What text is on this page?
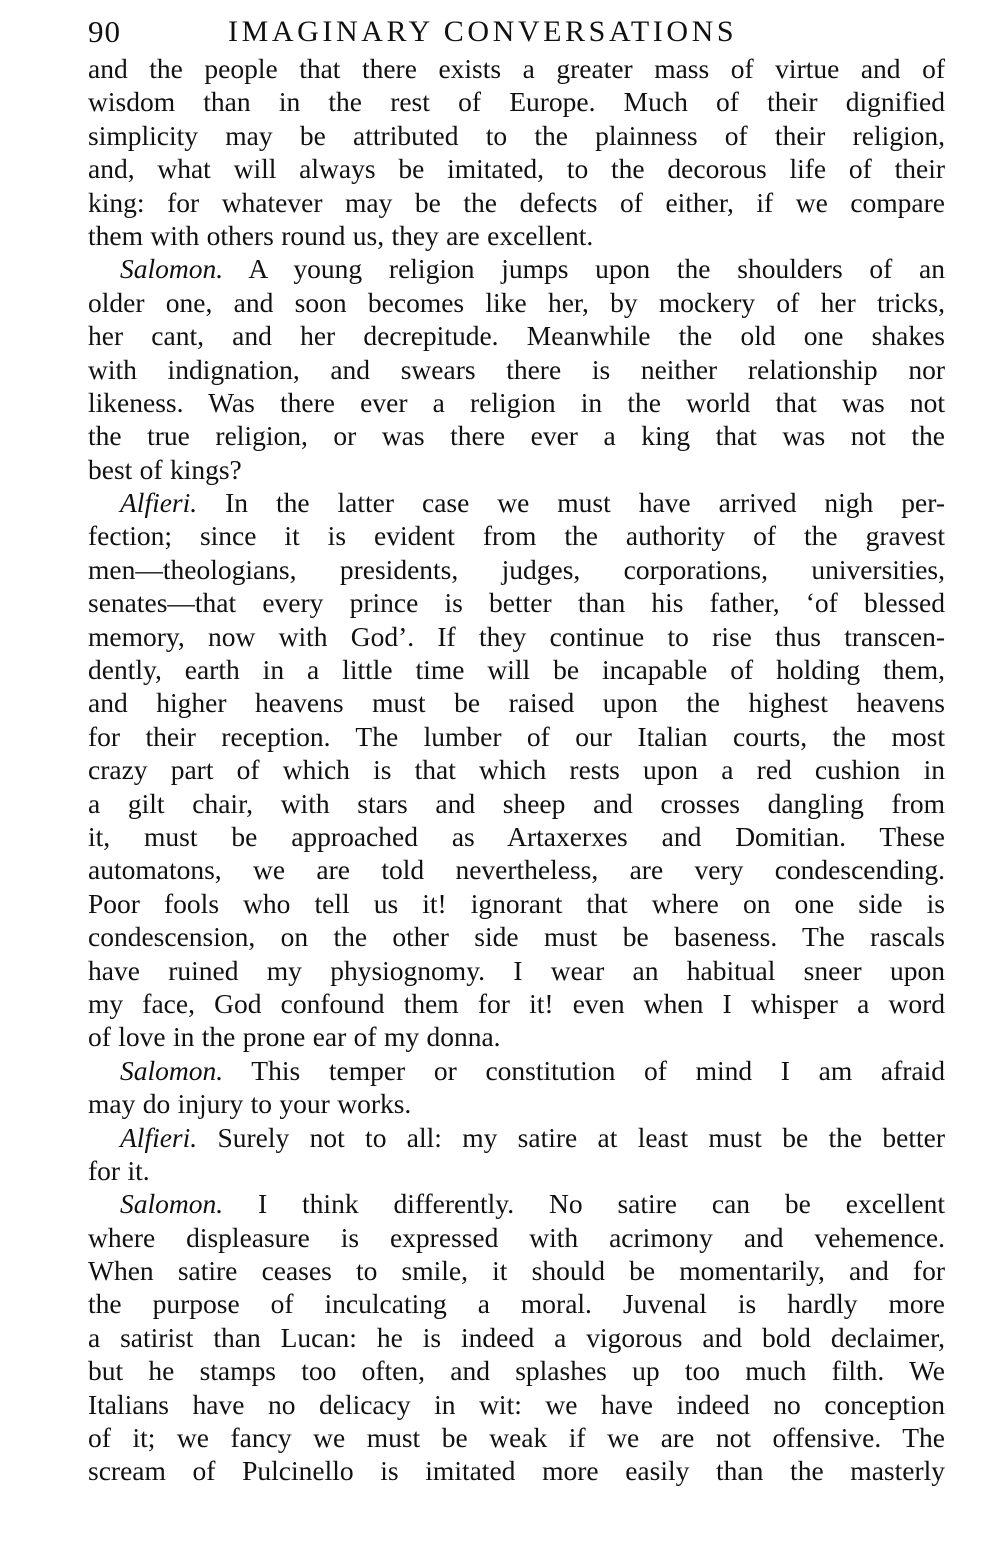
90	IMAGINARY CONVERSATIONS
and the people that there exists a greater mass of virtue and of
wisdom than in the rest of Europe. Much of their dignified
simplicity may be attributed to the plainness of their religion,
and, what will always be imitated, to the decorous life of their
king: for whatever may be the defects of either, if we compare
them with others round us, they are excellent.
Salomon. A young religion jumps upon the shoulders of an
older one, and soon becomes like her, by mockery of her tricks,
her cant, and her decrepitude. Meanwhile the old one shakes
with indignation, and swears there is neither relationship nor
likeness. Was there ever a religion in the world that was not
the true religion, or was there ever a king that was not the
best of kings?
Alfieri. In the latter case we must have arrived nigh per-
fection; since it is evident from the authority of the gravest
men—theologians, presidents, judges, corporations, universities,
senates—that every prince is better than his father, ‘of blessed
memory, now with God’. If they continue to rise thus transcen-
dently, earth in a little time will be incapable of holding them,
and higher heavens must be raised upon the highest heavens
for their reception. The lumber of our Italian courts, the most
crazy part of which is that which rests upon a red cushion in
a gilt chair, with stars and sheep and crosses dangling from
it, must be approached as Artaxerxes and Domitian. These
automatons, we are told nevertheless, are very condescending.
Poor fools who tell us it! ignorant that where on one side is
condescension, on the other side must be baseness. The rascals
have ruined my physiognomy. I wear an habitual sneer upon
my face, God confound them for it! even when I whisper a word
of love in the prone ear of my donna.
Salomon. This temper or constitution of mind I am afraid
may do injury to your works.
Alfieri. Surely not to all: my satire at least must be the better
for it.
Salomon. I think differently. No satire can be excellent
where displeasure is expressed with acrimony and vehemence.
When satire ceases to smile, it should be momentarily, and for
the purpose of inculcating a moral. Juvenal is hardly more
a satirist than Lucan: he is indeed a vigorous and bold declaimer,
but he stamps too often, and splashes up too much filth. We
Italians have no delicacy in wit: we have indeed no conception
of it; we fancy we must be weak if we are not offensive. The
scream of Pulcinello is imitated more easily than the masterly
